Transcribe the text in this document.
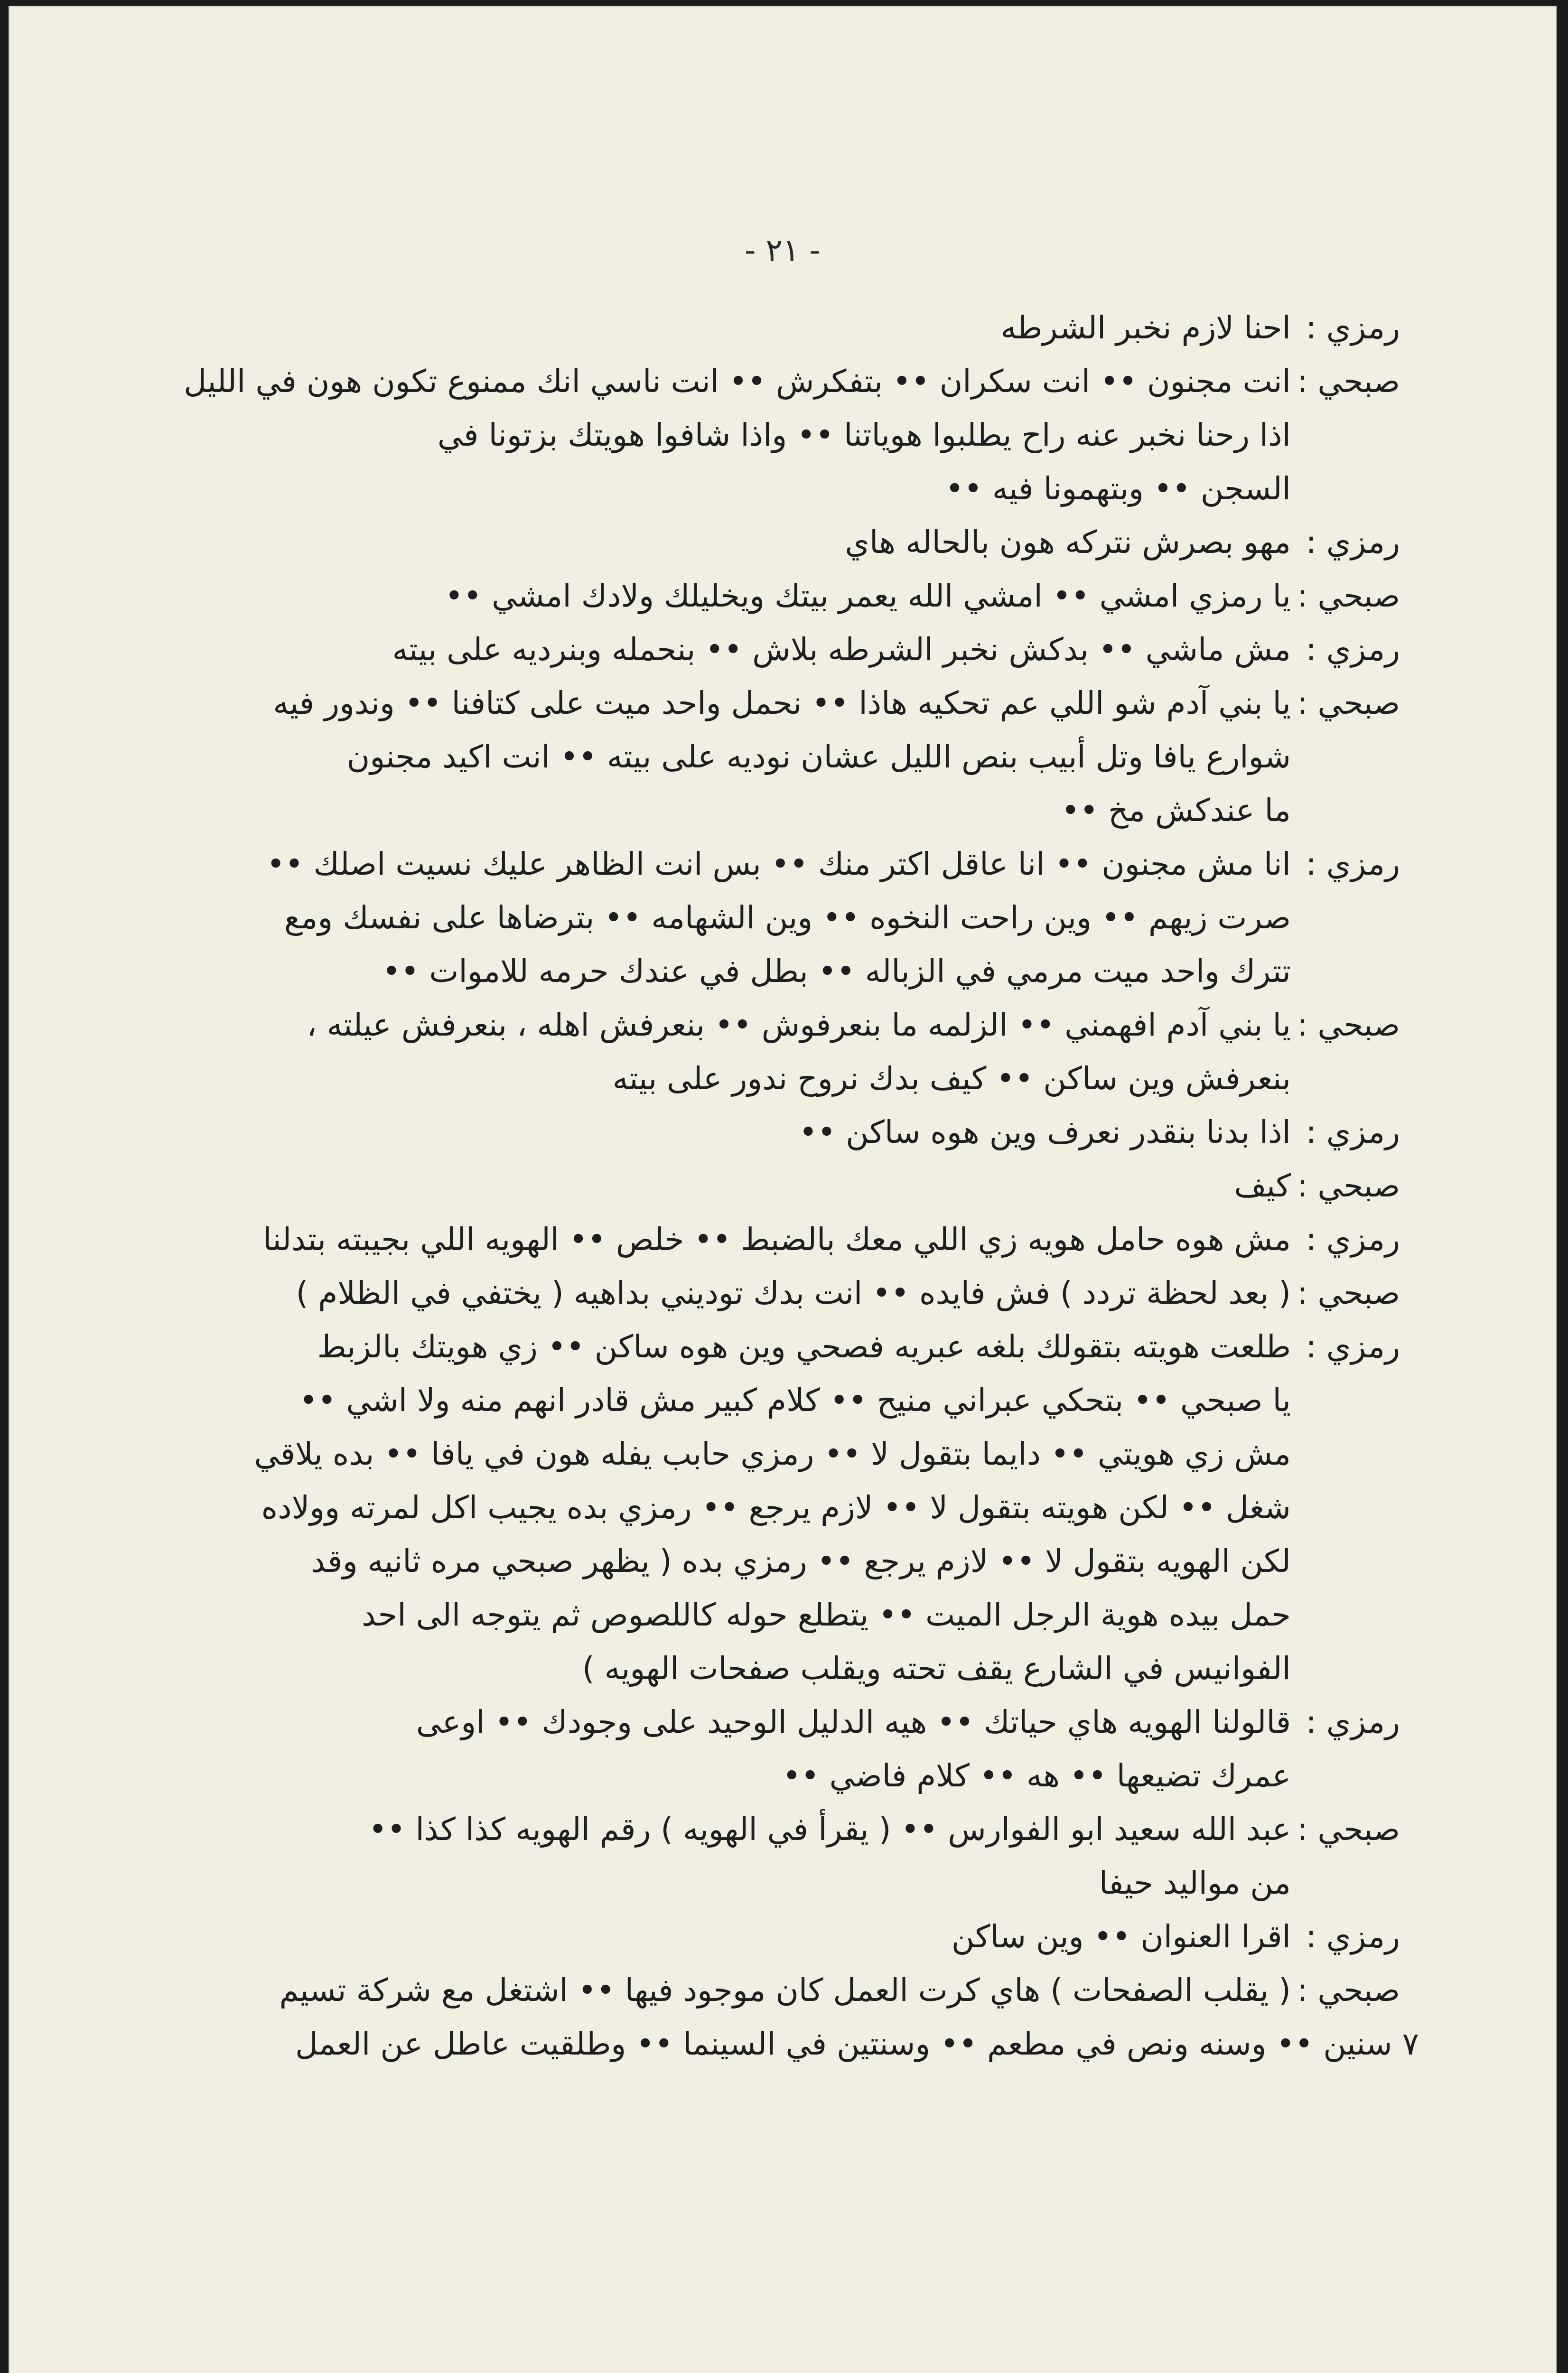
- ٢١ -
رمزي :
احنا لازم نخبر الشرطه
صبحي :
انت مجنون •• انت سكران •• بتفكرش •• انت ناسي انك ممنوع تكون هون في الليل
اذا رحنا نخبر عنه راح يطلبوا هوياتنا •• واذا شافوا هويتك بزتونا في
السجن •• وبتهمونا فيه ••
رمزي :
مهو بصرش نتركه هون بالحاله هاي
صبحي :
يا رمزي امشي •• امشي الله يعمر بيتك ويخليلك ولادك امشي ••
رمزي :
مش ماشي •• بدكش نخبر الشرطه بلاش •• بنحمله وبنرديه على بيته
صبحي :
يا بني آدم شو اللي عم تحكيه هاذا •• نحمل واحد ميت على كتافنا •• وندور فيه
شوارع يافا وتل أبيب بنص الليل عشان نوديه على بيته •• انت اكيد مجنون
ما عندكش مخ ••
رمزي :
انا مش مجنون •• انا عاقل اكتر منك •• بس انت الظاهر عليك نسيت اصلك ••
صرت زيهم •• وين راحت النخوه •• وين الشهامه •• بترضاها على نفسك ومع
تترك واحد ميت مرمي في الزباله •• بطل في عندك حرمه للاموات ••
صبحي :
يا بني آدم افهمني •• الزلمه ما بنعرفوش •• بنعرفش اهله ، بنعرفش عيلته ،
بنعرفش وين ساكن •• كيف بدك نروح ندور على بيته
رمزي :
اذا بدنا بنقدر نعرف وين هوه ساكن ••
صبحي :
كيف
رمزي :
مش هوه حامل هويه زي اللي معك بالضبط •• خلص •• الهويه اللي بجيبته بتدلنا
صبحي :
( بعد لحظة تردد ) فش فايده •• انت بدك توديني بداهيه ( يختفي في الظلام )
رمزي :
طلعت هويته بتقولك بلغه عبريه فصحي وين هوه ساكن •• زي هويتك بالزبط
يا صبحي •• بتحكي عبراني منيح •• كلام كبير مش قادر انهم منه ولا اشي ••
مش زي هويتي •• دايما بتقول لا •• رمزي حابب يفله هون في يافا •• بده يلاقي
شغل •• لكن هويته بتقول لا •• لازم يرجع •• رمزي بده يجيب اكل لمرته وولاده
لكن الهويه بتقول لا •• لازم يرجع •• رمزي بده ( يظهر صبحي مره ثانيه وقد
حمل بيده هوية الرجل الميت •• يتطلع حوله كاللصوص ثم يتوجه الى احد
الفوانيس في الشارع يقف تحته ويقلب صفحات الهويه )
رمزي :
قالولنا الهويه هاي حياتك •• هيه الدليل الوحيد على وجودك •• اوعى
عمرك تضيعها •• هه •• كلام فاضي ••
صبحي :
عبد الله سعيد ابو الفوارس •• ( يقرأ في الهويه ) رقم الهويه كذا كذا ••
من مواليد حيفا
رمزي :
اقرا العنوان •• وين ساكن
صبحي :
( يقلب الصفحات ) هاي كرت العمل كان موجود فيها •• اشتغل مع شركة تسيم
٧ سنين •• وسنه ونص في مطعم •• وسنتين في السينما •• وطلقيت عاطل عن العمل
